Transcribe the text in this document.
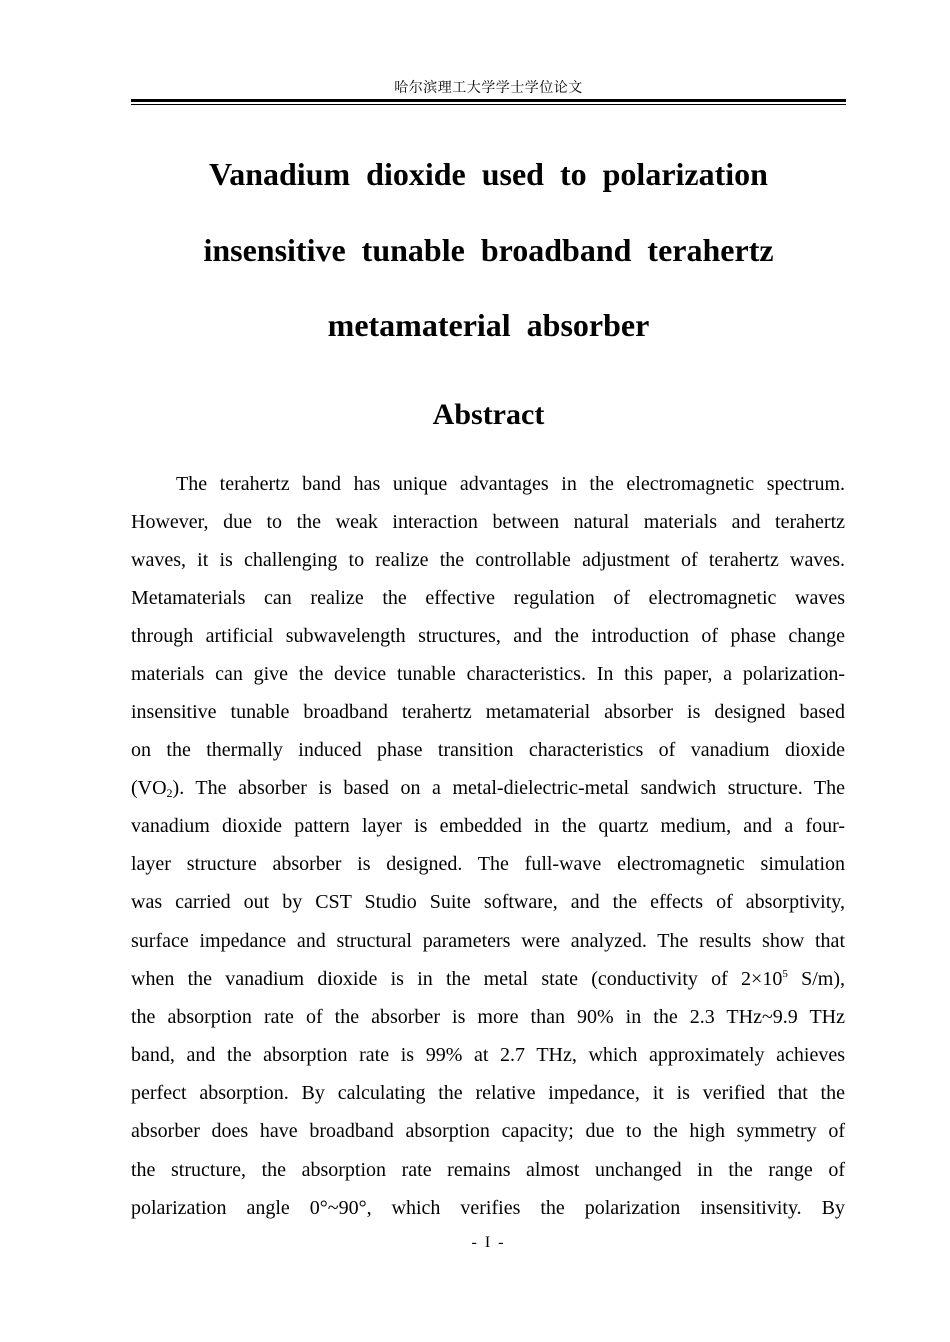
哈尔滨理工大学学士学位论文
Vanadium dioxide used to polarization
insensitive tunable broadband terahertz
metamaterial absorber
Abstract
The terahertz band has unique advantages in the electromagnetic spectrum.
However, due to the weak interaction between natural materials and terahertz
waves, it is challenging to realize the controllable adjustment of terahertz waves.
Metamaterials can realize the effective regulation of electromagnetic waves
through artificial subwavelength structures, and the introduction of phase change
materials can give the device tunable characteristics. In this paper, a polarization-
insensitive tunable broadband terahertz metamaterial absorber is designed based
on the thermally induced phase transition characteristics of vanadium dioxide
$(VO_2)$. The absorber is based on a metal-dielectric-metal sandwich structure. The
vanadium dioxide pattern layer is embedded in the quartz medium, and a four-
layer structure absorber is designed. The full-wave electromagnetic simulation
was carried out by CST Studio Suite software, and the effects of absorptivity,
surface impedance and structural parameters were analyzed. The results show that
when the vanadium dioxide is in the metal state (conductivity of $2\times 10^5$ S/m),
the absorption rate of the absorber is more than 90% in the 2.3 THz~9.9 THz
band, and the absorption rate is 99% at 2.7 THz, which approximately achieves
perfect absorption. By calculating the relative impedance, it is verified that the
absorber does have broadband absorption capacity; due to the high symmetry of
the structure, the absorption rate remains almost unchanged in the range of
polarization angle 0°~90°, which verifies the polarization insensitivity. By
- I -
